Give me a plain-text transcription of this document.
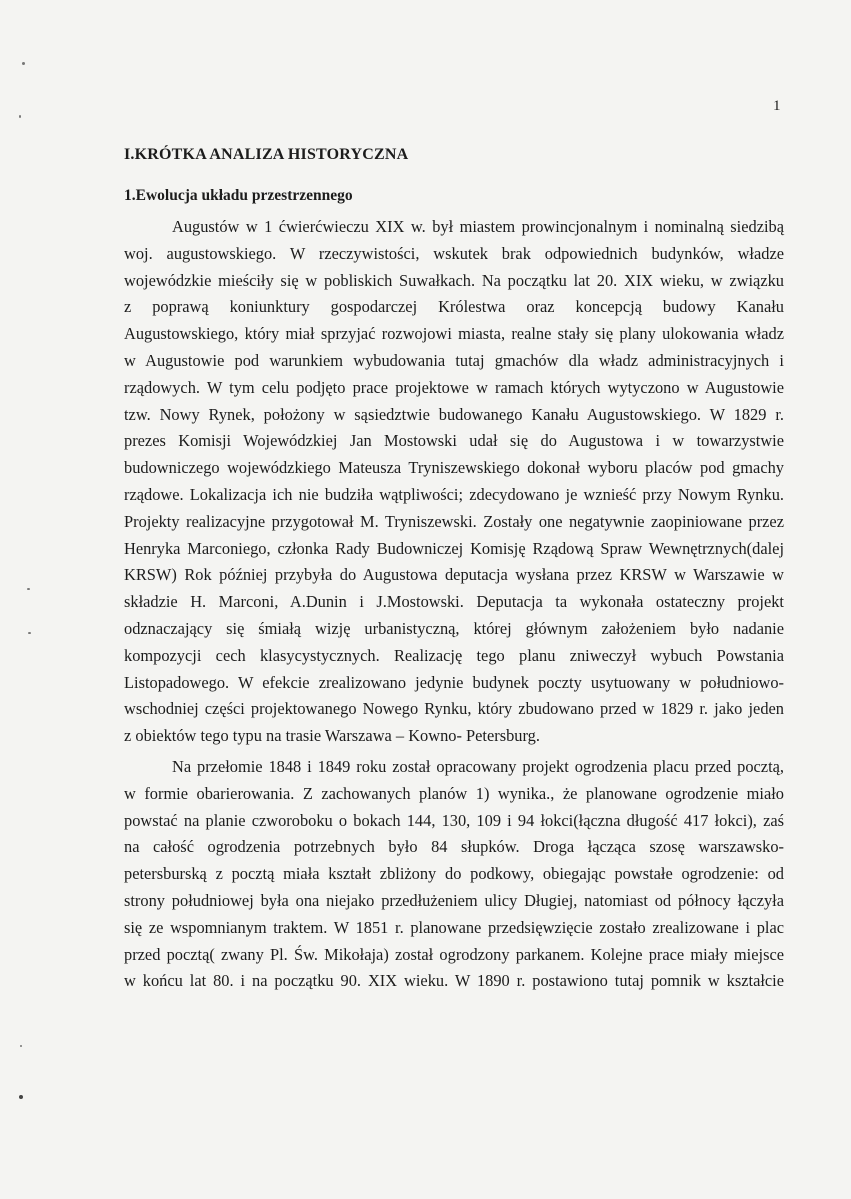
1
I.KRÓTKA ANALIZA HISTORYCZNA
1.Ewolucja układu przestrzennego
Augustów w 1 ćwierćwieczu XIX w. był miastem prowincjonalnym i nominalną siedzibą
woj. augustowskiego. W rzeczywistości, wskutek brak odpowiednich budynków, władze
wojewódzkie mieściły się w pobliskich Suwałkach. Na początku lat 20. XIX wieku, w związku
z poprawą koniunktury gospodarczej Królestwa oraz koncepcją budowy Kanału
Augustowskiego, który miał sprzyjać rozwojowi miasta, realne stały się plany ulokowania władz
w Augustowie pod warunkiem wybudowania tutaj gmachów dla władz administracyjnych i
rządowych. W tym celu podjęto prace projektowe w ramach których wytyczono w Augustowie
tzw. Nowy Rynek, położony w sąsiedztwie budowanego Kanału Augustowskiego. W 1829 r.
prezes Komisji Wojewódzkiej Jan Mostowski udał się do Augustowa i w towarzystwie
budowniczego wojewódzkiego Mateusza Tryniszewskiego dokonał wyboru placów pod gmachy
rządowe. Lokalizacja ich nie budziła wątpliwości; zdecydowano je wznieść przy Nowym Rynku.
Projekty realizacyjne przygotował M. Tryniszewski. Zostały one negatywnie zaopiniowane przez
Henryka Marconiego, członka Rady Budowniczej Komisję Rządową Spraw Wewnętrznych(dalej
KRSW) Rok później przybyła do Augustowa deputacja wysłana przez KRSW w Warszawie w
składzie H. Marconi, A.Dunin i J.Mostowski. Deputacja ta wykonała ostateczny projekt
odznaczający się śmiałą wizję urbanistyczną, której głównym założeniem było nadanie
kompozycji cech klasycystycznych. Realizację tego planu zniweczył wybuch Powstania
Listopadowego. W efekcie zrealizowano jedynie budynek poczty usytuowany w południowo-
wschodniej części projektowanego Nowego Rynku, który zbudowano przed w 1829 r. jako jeden
z obiektów tego typu na trasie Warszawa – Kowno- Petersburg.
Na przełomie 1848 i 1849 roku został opracowany projekt ogrodzenia placu przed pocztą,
w formie obarierowania. Z zachowanych planów 1) wynika., że planowane ogrodzenie miało
powstać na planie czworoboku o bokach 144, 130, 109 i 94 łokci(łączna długość 417 łokci), zaś
na całość ogrodzenia potrzebnych było 84 słupków. Droga łącząca szosę warszawsko-
petersburską z pocztą miała kształt zbliżony do podkowy, obiegając powstałe ogrodzenie: od
strony południowej była ona niejako przedłużeniem ulicy Długiej, natomiast od północy łączyła
się ze wspomnianym traktem. W 1851 r. planowane przedsięwzięcie zostało zrealizowane i plac
przed pocztą( zwany Pl. Św. Mikołaja) został ogrodzony parkanem. Kolejne prace miały miejsce
w końcu lat 80. i na początku 90. XIX wieku. W 1890 r. postawiono tutaj pomnik w kształcie
